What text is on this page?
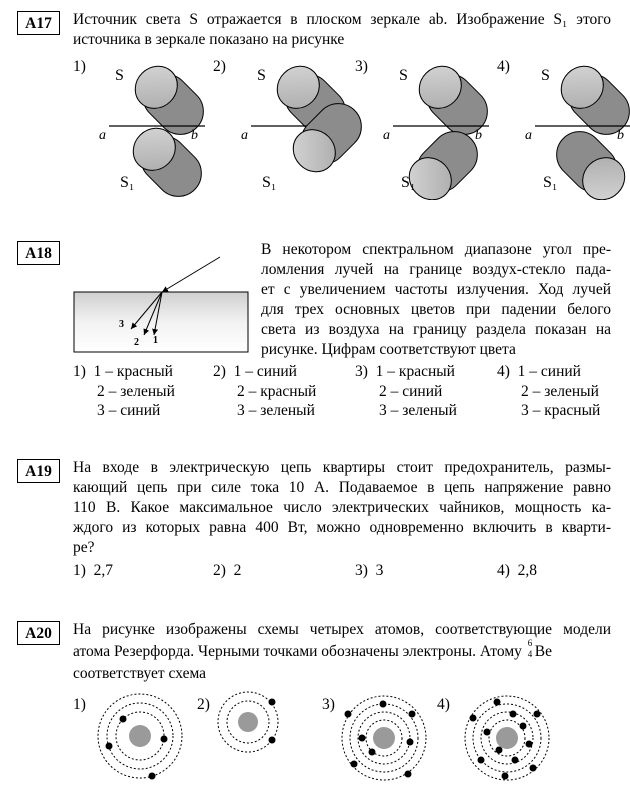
A17	Источник света S отражается в плоском зеркале ab. Изображение S₁ этого
источника в зеркале показано на рисунке
1)	2)	3)	4)
S
a	b
S₁
S
a
S₁
S
a	b
S₁
S
a	b
S₁
A18
3
2 1
В некотором спектральном диапазоне угол пре-
ломления лучей на границе воздух-стекло пада-
ет с увеличением частоты излучения. Ход лучей
для трех основных цветов при падении белого
света из воздуха на границу раздела показан на
рисунке. Цифрам соответствуют цвета
1) 1 – красный
2 – зеленый
3 – синий
2) 1 – синий
2 – красный
3 – зеленый
3) 1 – красный
2 – синий
3 – зеленый
4) 1 – синий
2 – зеленый
3 – красный
A19	На входе в электрическую цепь квартиры стоит предохранитель, размы-
кающий цепь при силе тока 10 А. Подаваемое в цепь напряжение равно
110 В. Какое максимальное число электрических чайников, мощность ка-
ждого из которых равна 400 Вт, можно одновременно включить в кварти-
ре?
1) 2,7	2) 2	3) 3	4) 2,8
A20	На рисунке изображены схемы четырех атомов, соответствующие модели
атома Резерфорда. Черными точками обозначены электроны. Атому 6
4 Be
соответствует схема
1)	2)	3)	4)
